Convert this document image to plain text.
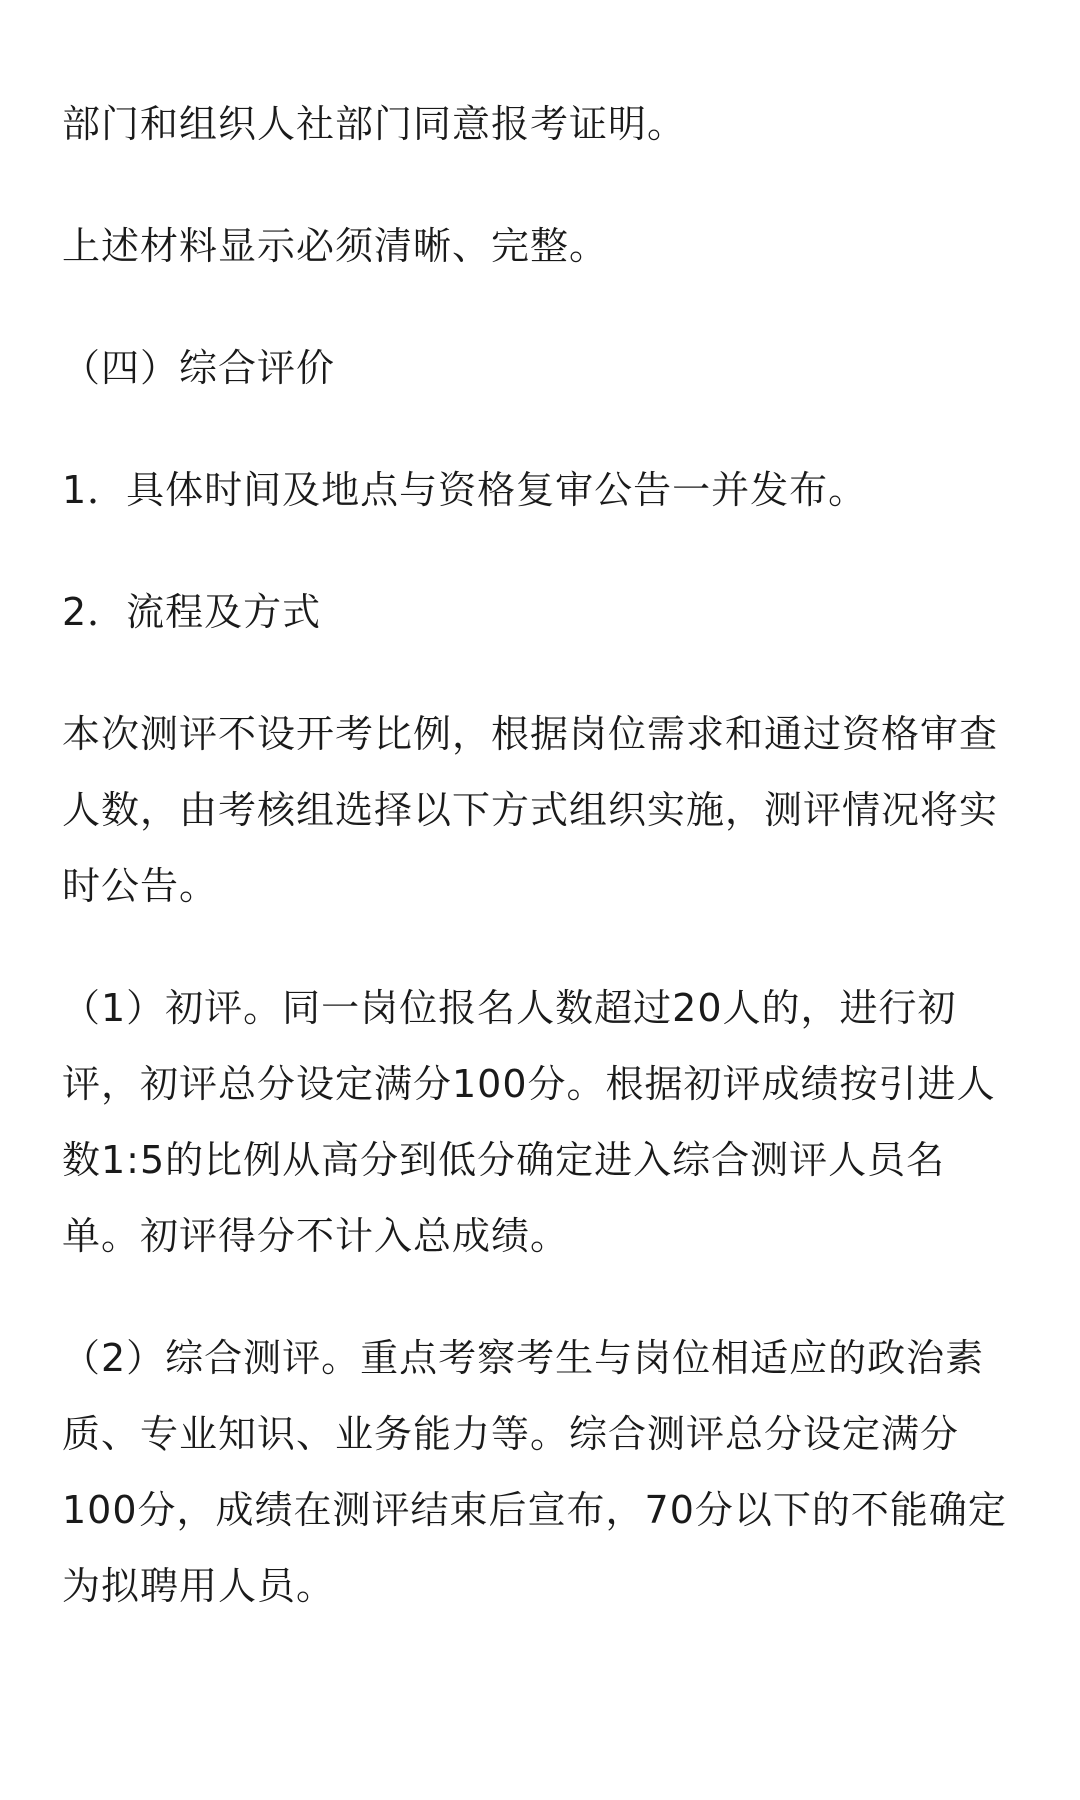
部门和组织人社部门同意报考证明。

上述材料显示必须清晰、完整。

（四）综合评价

1．具体时间及地点与资格复审公告一并发布。

2．流程及方式

本次测评不设开考比例，根据岗位需求和通过资格审查人数，由考核组选择以下方式组织实施，测评情况将实时公告。

（1）初评。同一岗位报名人数超过20人的，进行初评，初评总分设定满分100分。根据初评成绩按引进人数1:5的比例从高分到低分确定进入综合测评人员名单。初评得分不计入总成绩。

（2）综合测评。重点考察考生与岗位相适应的政治素质、专业知识、业务能力等。综合测评总分设定满分100分，成绩在测评结束后宣布，70分以下的不能确定为拟聘用人员。
